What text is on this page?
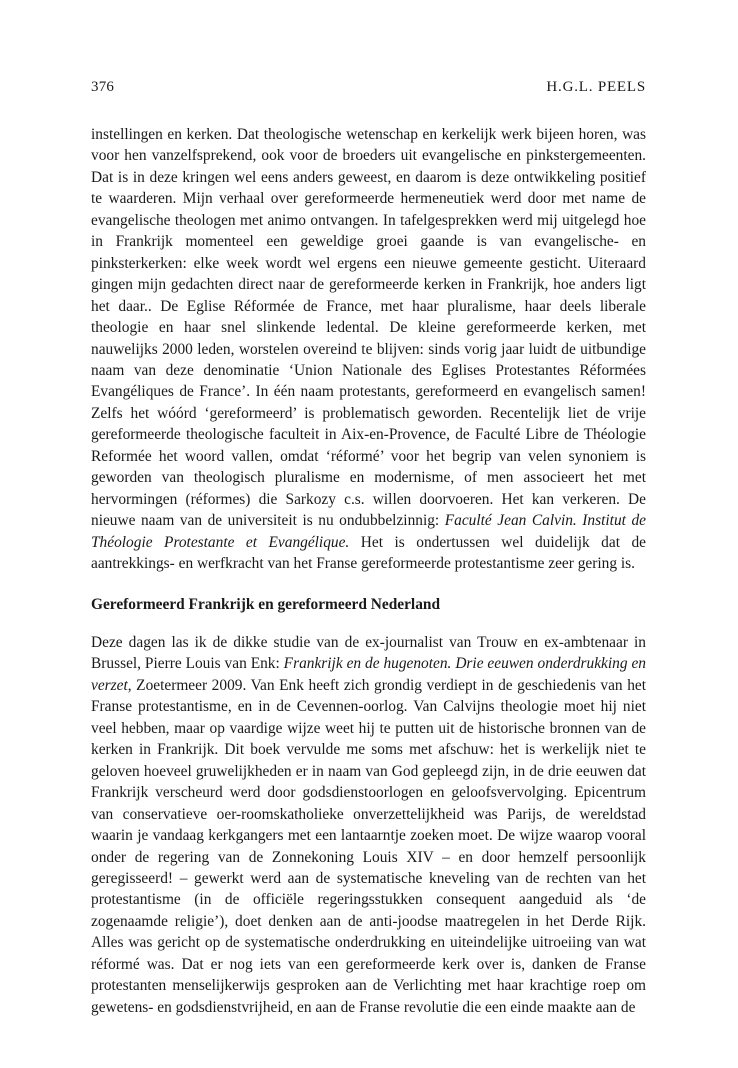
376	H.G.L. PEELS

instellingen en kerken. Dat theologische wetenschap en kerkelijk werk bijeen horen, was voor hen vanzelfsprekend, ook voor de broeders uit evangelische en pinkstergemeenten. Dat is in deze kringen wel eens anders geweest, en daarom is deze ontwikkeling positief te waarderen. Mijn verhaal over gereformeerde hermeneutiek werd door met name de evangelische theologen met animo ontvangen. In tafelgesprekken werd mij uitgelegd hoe in Frankrijk momenteel een geweldige groei gaande is van evangelische- en pinksterkerken: elke week wordt wel ergens een nieuwe gemeente gesticht. Uiteraard gingen mijn gedachten direct naar de gereformeerde kerken in Frankrijk, hoe anders ligt het daar.. De Eglise Réformée de France, met haar pluralisme, haar deels liberale theologie en haar snel slinkende ledental. De kleine gereformeerde kerken, met nauwelijks 2000 leden, worstelen overeind te blijven: sinds vorig jaar luidt de uitbundige naam van deze denominatie ‘Union Nationale des Eglises Protestantes Réformées Evangéliques de France’. In één naam protestants, gereformeerd en evangelisch samen! Zelfs het wóórd ‘gereformeerd’ is problematisch geworden. Recentelijk liet de vrije gereformeerde theologische faculteit in Aix-en-Provence, de Faculté Libre de Théologie Reformée het woord vallen, omdat ‘réformé’ voor het begrip van velen synoniem is geworden van theologisch pluralisme en modernisme, of men associeert het met hervormingen (réformes) die Sarkozy c.s. willen doorvoeren. Het kan verkeren. De nieuwe naam van de universiteit is nu ondubbelzinnig: Faculté Jean Calvin. Institut de Théologie Protestante et Evangélique. Het is ondertussen wel duidelijk dat de aantrekkings- en werfkracht van het Franse gereformeerde protestantisme zeer gering is.

Gereformeerd Frankrijk en gereformeerd Nederland

Deze dagen las ik de dikke studie van de ex-journalist van Trouw en ex-ambtenaar in Brussel, Pierre Louis van Enk: Frankrijk en de hugenoten. Drie eeuwen onderdrukking en verzet, Zoetermeer 2009. Van Enk heeft zich grondig verdiept in de geschiedenis van het Franse protestantisme, en in de Cevennen-oorlog. Van Calvijns theologie moet hij niet veel hebben, maar op vaardige wijze weet hij te putten uit de historische bronnen van de kerken in Frankrijk. Dit boek vervulde me soms met afschuw: het is werkelijk niet te geloven hoeveel gruwelijkheden er in naam van God gepleegd zijn, in de drie eeuwen dat Frankrijk verscheurd werd door godsdienstoorlogen en geloofsvervolging. Epicentrum van conservatieve oer-roomskatholieke onverzettelijkheid was Parijs, de wereldstad waarin je vandaag kerkgangers met een lantaarntje zoeken moet. De wijze waarop vooral onder de regering van de Zonnekoning Louis XIV – en door hemzelf persoonlijk geregisseerd! – gewerkt werd aan de systematische kneveling van de rechten van het protestantisme (in de officiële regeringsstukken consequent aangeduid als ‘de zogenaamde religie’), doet denken aan de anti-joodse maatregelen in het Derde Rijk. Alles was gericht op de systematische onderdrukking en uiteindelijke uitroeiing van wat réformé was. Dat er nog iets van een gereformeerde kerk over is, danken de Franse protestanten menselijkerwijs gesproken aan de Verlichting met haar krachtige roep om gewetens- en godsdienstvrijheid, en aan de Franse revolutie die een einde maakte aan de
